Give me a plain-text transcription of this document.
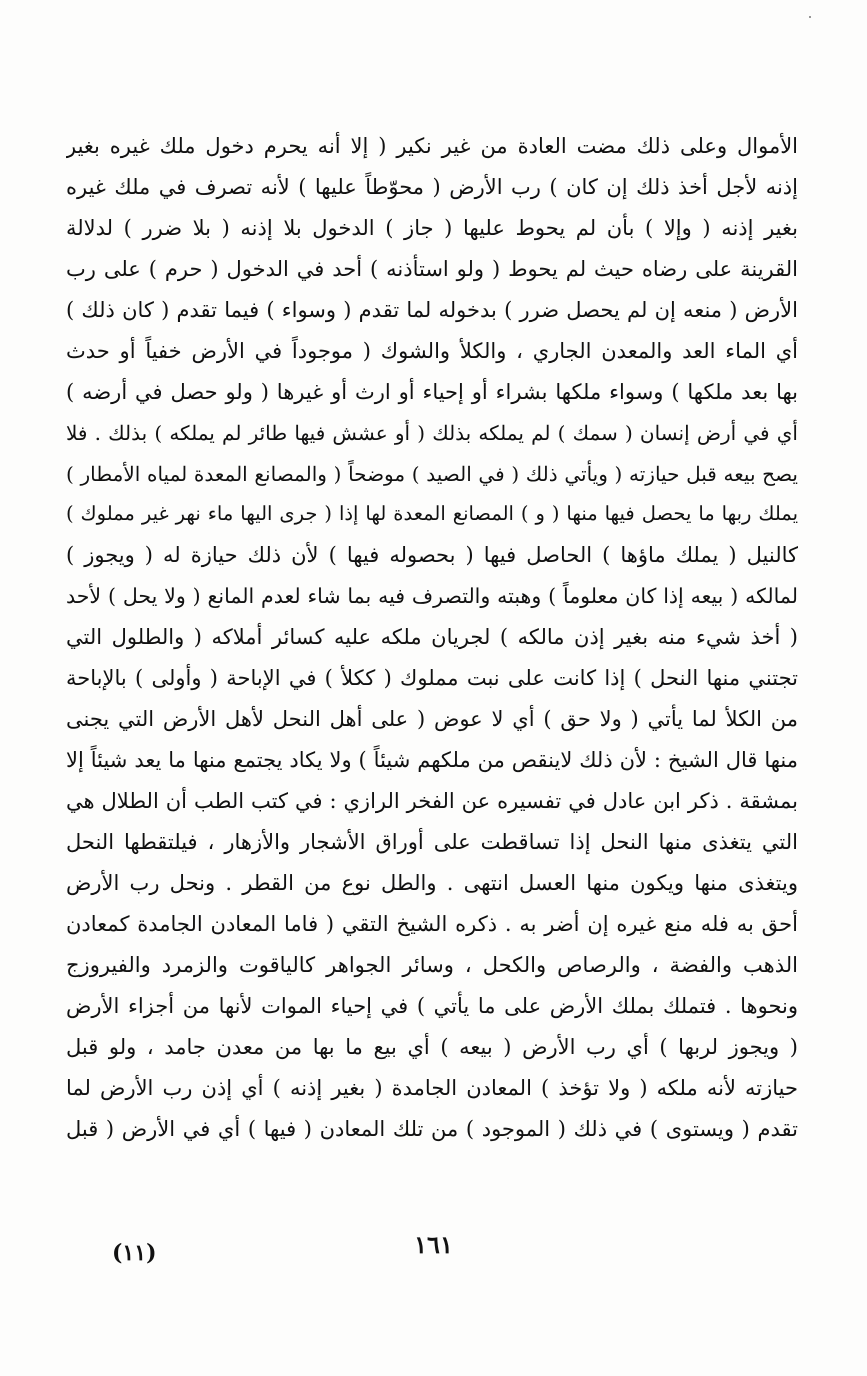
الأموال وعلى ذلك مضت العادة من غير نكير ( إلا أنه يحرم دخول ملك غيره بغير
إذنه لأجل أخذ ذلك إن كان ) رب الأرض ( محوّطاً عليها ) لأنه تصرف في ملك غيره
بغير إذنه ( وإلا ) بأن لم يحوط عليها ( جاز ) الدخول بلا إذنه ( بلا ضرر ) لدلالة
القرينة على رضاه حيث لم يحوط ( ولو استأذنه ) أحد في الدخول ( حرم ) على رب
الأرض ( منعه إن لم يحصل ضرر ) بدخوله لما تقدم ( وسواء ) فيما تقدم ( كان ذلك )
أي الماء العد والمعدن الجاري ، والكلأ والشوك ( موجوداً في الأرض خفياً أو حدث
بها بعد ملكها ) وسواء ملكها بشراء أو إحياء أو ارث أو غيرها ( ولو حصل في أرضه )
أي في أرض إنسان ( سمك ) لم يملكه بذلك ( أو عشش فيها طائر لم يملكه ) بذلك . فلا
يصح بيعه قبل حيازته ( ويأتي ذلك ( في الصيد ) موضحاً ( والمصانع المعدة لمياه الأمطار )
يملك ربها ما يحصل فيها منها ( و ) المصانع المعدة لها إذا ( جرى اليها ماء نهر غير مملوك )
كالنيل ( يملك ماؤها ) الحاصل فيها ( بحصوله فيها ) لأن ذلك حيازة له ( ويجوز )
لمالكه ( بيعه إذا كان معلوماً ) وهبته والتصرف فيه بما شاء لعدم المانع ( ولا يحل ) لأحد
( أخذ شيء منه بغير إذن مالكه ) لجريان ملكه عليه كسائر أملاكه ( والطلول التي
تجتني منها النحل ) إذا كانت على نبت مملوك ( ككلأ ) في الإباحة ( وأولى ) بالإباحة
من الكلأ لما يأتي ( ولا حق ) أي لا عوض ( على أهل النحل لأهل الأرض التي يجنى
منها قال الشيخ : لأن ذلك لاينقص من ملكهم شيئاً ) ولا يكاد يجتمع منها ما يعد شيئاً إلا
بمشقة . ذكر ابن عادل في تفسيره عن الفخر الرازي : في كتب الطب أن الطلال هي
التي يتغذى منها النحل إذا تساقطت على أوراق الأشجار والأزهار ، فيلتقطها النحل
ويتغذى منها ويكون منها العسل انتهى . والطل نوع من القطر . ونحل رب الأرض
أحق به فله منع غيره إن أضر به . ذكره الشيخ التقي ( فاما المعادن الجامدة كمعادن
الذهب والفضة ، والرصاص والكحل ، وسائر الجواهر كالياقوت والزمرد والفيروزج
ونحوها . فتملك بملك الأرض على ما يأتي ) في إحياء الموات لأنها من أجزاء الأرض
( ويجوز لربها ) أي رب الأرض ( بيعه ) أي بيع ما بها من معدن جامد ، ولو قبل
حيازته لأنه ملكه ( ولا تؤخذ ) المعادن الجامدة ( بغير إذنه ) أي إذن رب الأرض لما
تقدم ( ويستوى ) في ذلك ( الموجود ) من تلك المعادن ( فيها ) أي في الأرض ( قبل
١٦١
(١١)
